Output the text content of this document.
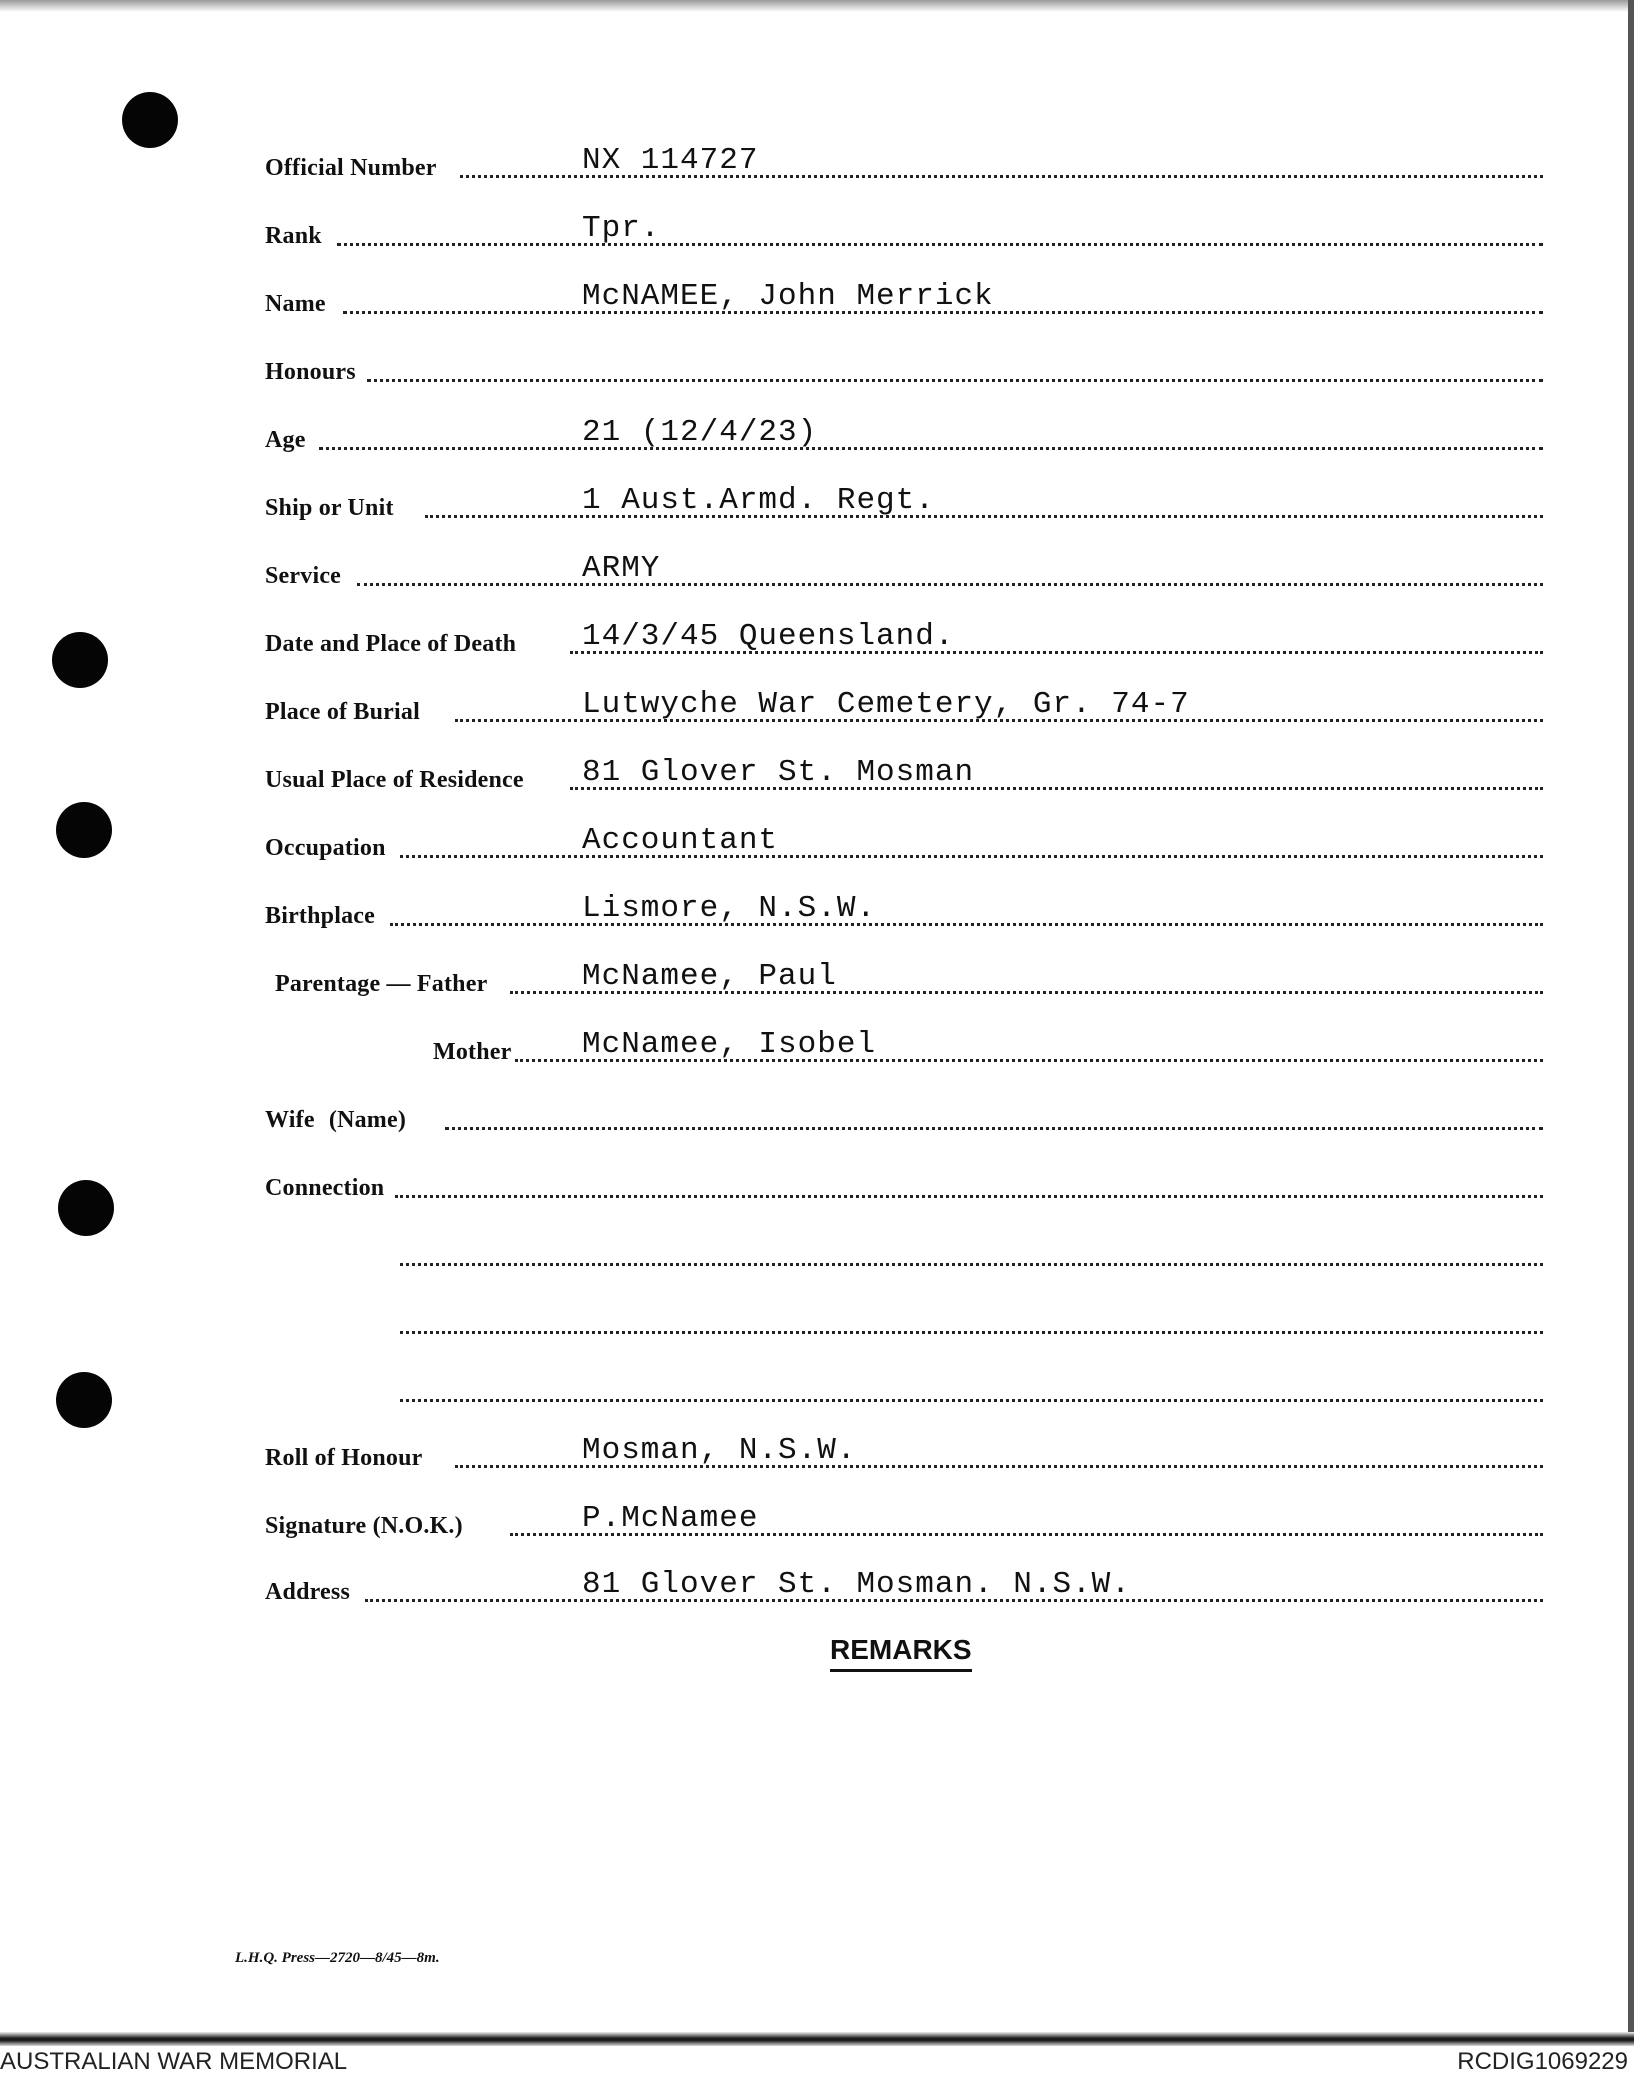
Official Number	NX 114727
Rank	Tpr.
Name	McNAMEE, John Merrick
Honours
Age	21 (12/4/23)
Ship or Unit	1 Aust.Armd. Regt.
Service	ARMY
Date and Place of Death 14/3/45 Queensland.
Place of Burial	Lutwyche War Cemetery, Gr. 74-7
Usual Place of Residence 81 Glover St. Mosman
Occupation	Accountant
Birthplace	Lismore, N.S.W.
Parentage — Father	McNamee, Paul
Mother McNamee, Isobel
Wife (Name)
Connection
Roll of Honour	Mosman, N.S.W.
Signature (N.O.K.)	P.McNamee
Address	81 Glover St. Mosman. N.S.W.
REMARKS
L.H.Q. Press—2720—8/45—8m.
AUSTRALIAN WAR MEMORIAL	RCDIG1069229
